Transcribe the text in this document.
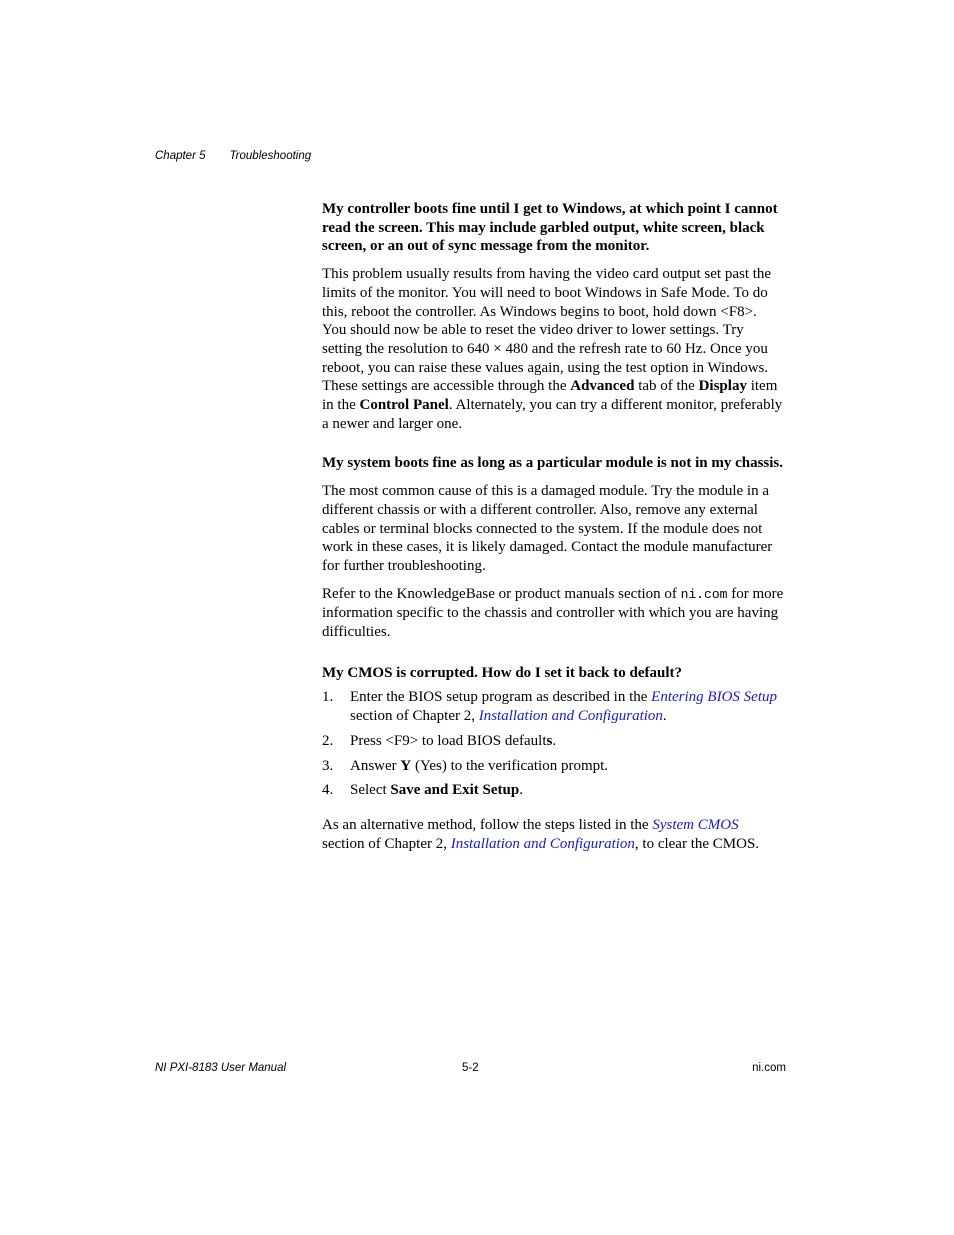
Chapter 5 Troubleshooting

My controller boots fine until I get to Windows, at which point I cannot read the screen. This may include garbled output, white screen, black screen, or an out of sync message from the monitor.

This problem usually results from having the video card output set past the limits of the monitor. You will need to boot Windows in Safe Mode. To do this, reboot the controller. As Windows begins to boot, hold down <F8>. You should now be able to reset the video driver to lower settings. Try setting the resolution to 640 × 480 and the refresh rate to 60 Hz. Once you reboot, you can raise these values again, using the test option in Windows. These settings are accessible through the Advanced tab of the Display item in the Control Panel. Alternately, you can try a different monitor, preferably a newer and larger one.

My system boots fine as long as a particular module is not in my chassis.

The most common cause of this is a damaged module. Try the module in a different chassis or with a different controller. Also, remove any external cables or terminal blocks connected to the system. If the module does not work in these cases, it is likely damaged. Contact the module manufacturer for further troubleshooting.

Refer to the KnowledgeBase or product manuals section of ni.com for more information specific to the chassis and controller with which you are having difficulties.

My CMOS is corrupted. How do I set it back to default?

1. Enter the BIOS setup program as described in the Entering BIOS Setup section of Chapter 2, Installation and Configuration.
2. Press <F9> to load BIOS defaults.
3. Answer Y (Yes) to the verification prompt.
4. Select Save and Exit Setup.

As an alternative method, follow the steps listed in the System CMOS section of Chapter 2, Installation and Configuration, to clear the CMOS.

NI PXI-8183 User Manual	5-2	ni.com
